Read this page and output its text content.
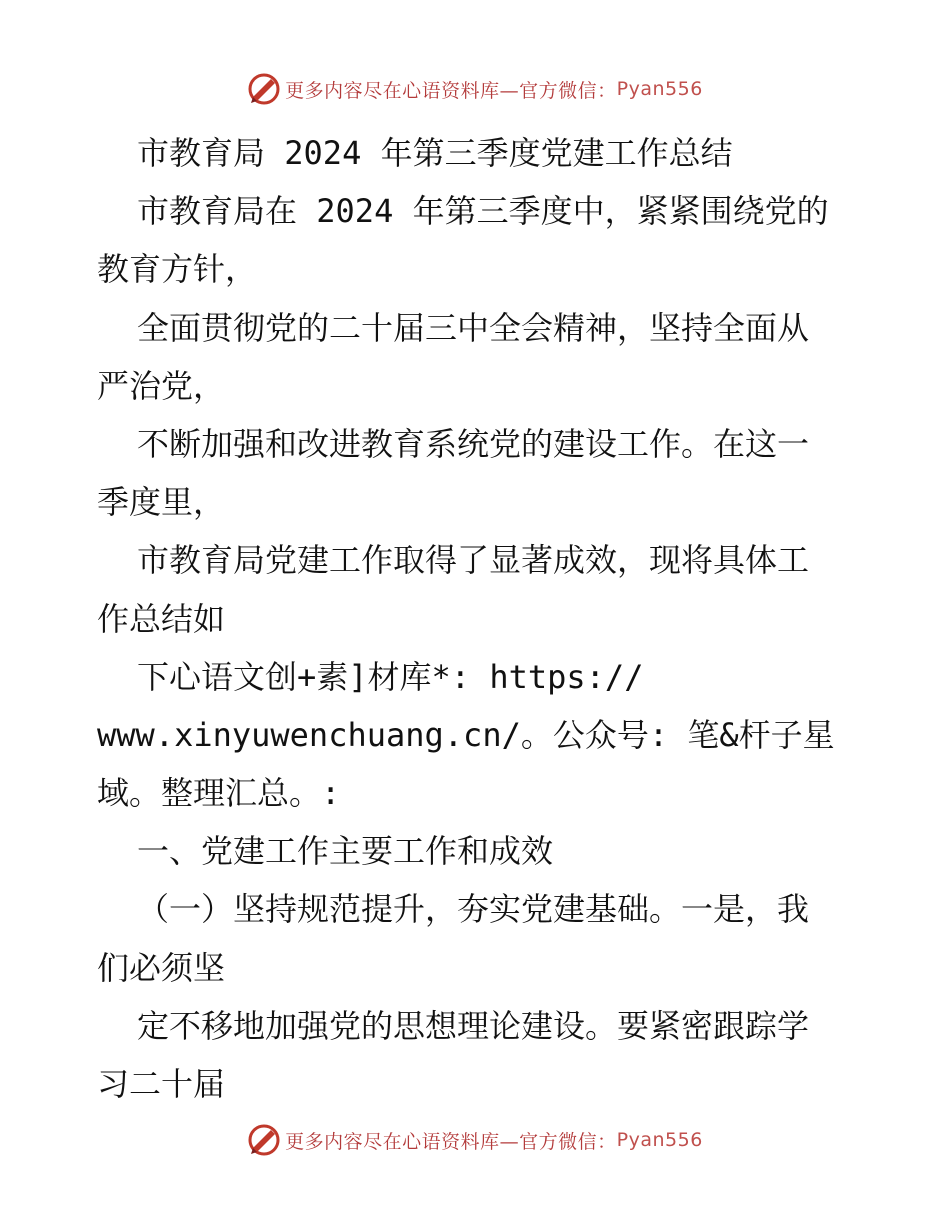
更多内容尽在心语资料库—官方微信： Pyan556
市教育局 2024 年第三季度党建工作总结
市教育局在 2024 年第三季度中，紧紧围绕党的
教育方针，
全面贯彻党的二十届三中全会精神，坚持全面从
严治党，
不断加强和改进教育系统党的建设工作。在这一
季度里，
市教育局党建工作取得了显著成效，现将具体工
作总结如
下心语文创+素]材库*: https://
www.xinyuwenchuang.cn/。公众号: 笔&杆子星
域。整理汇总。:
一、党建工作主要工作和成效
（一）坚持规范提升，夯实党建基础。一是，我
们必须坚
定不移地加强党的思想理论建设。要紧密跟踪学
习二十届
更多内容尽在心语资料库—官方微信： Pyan556
